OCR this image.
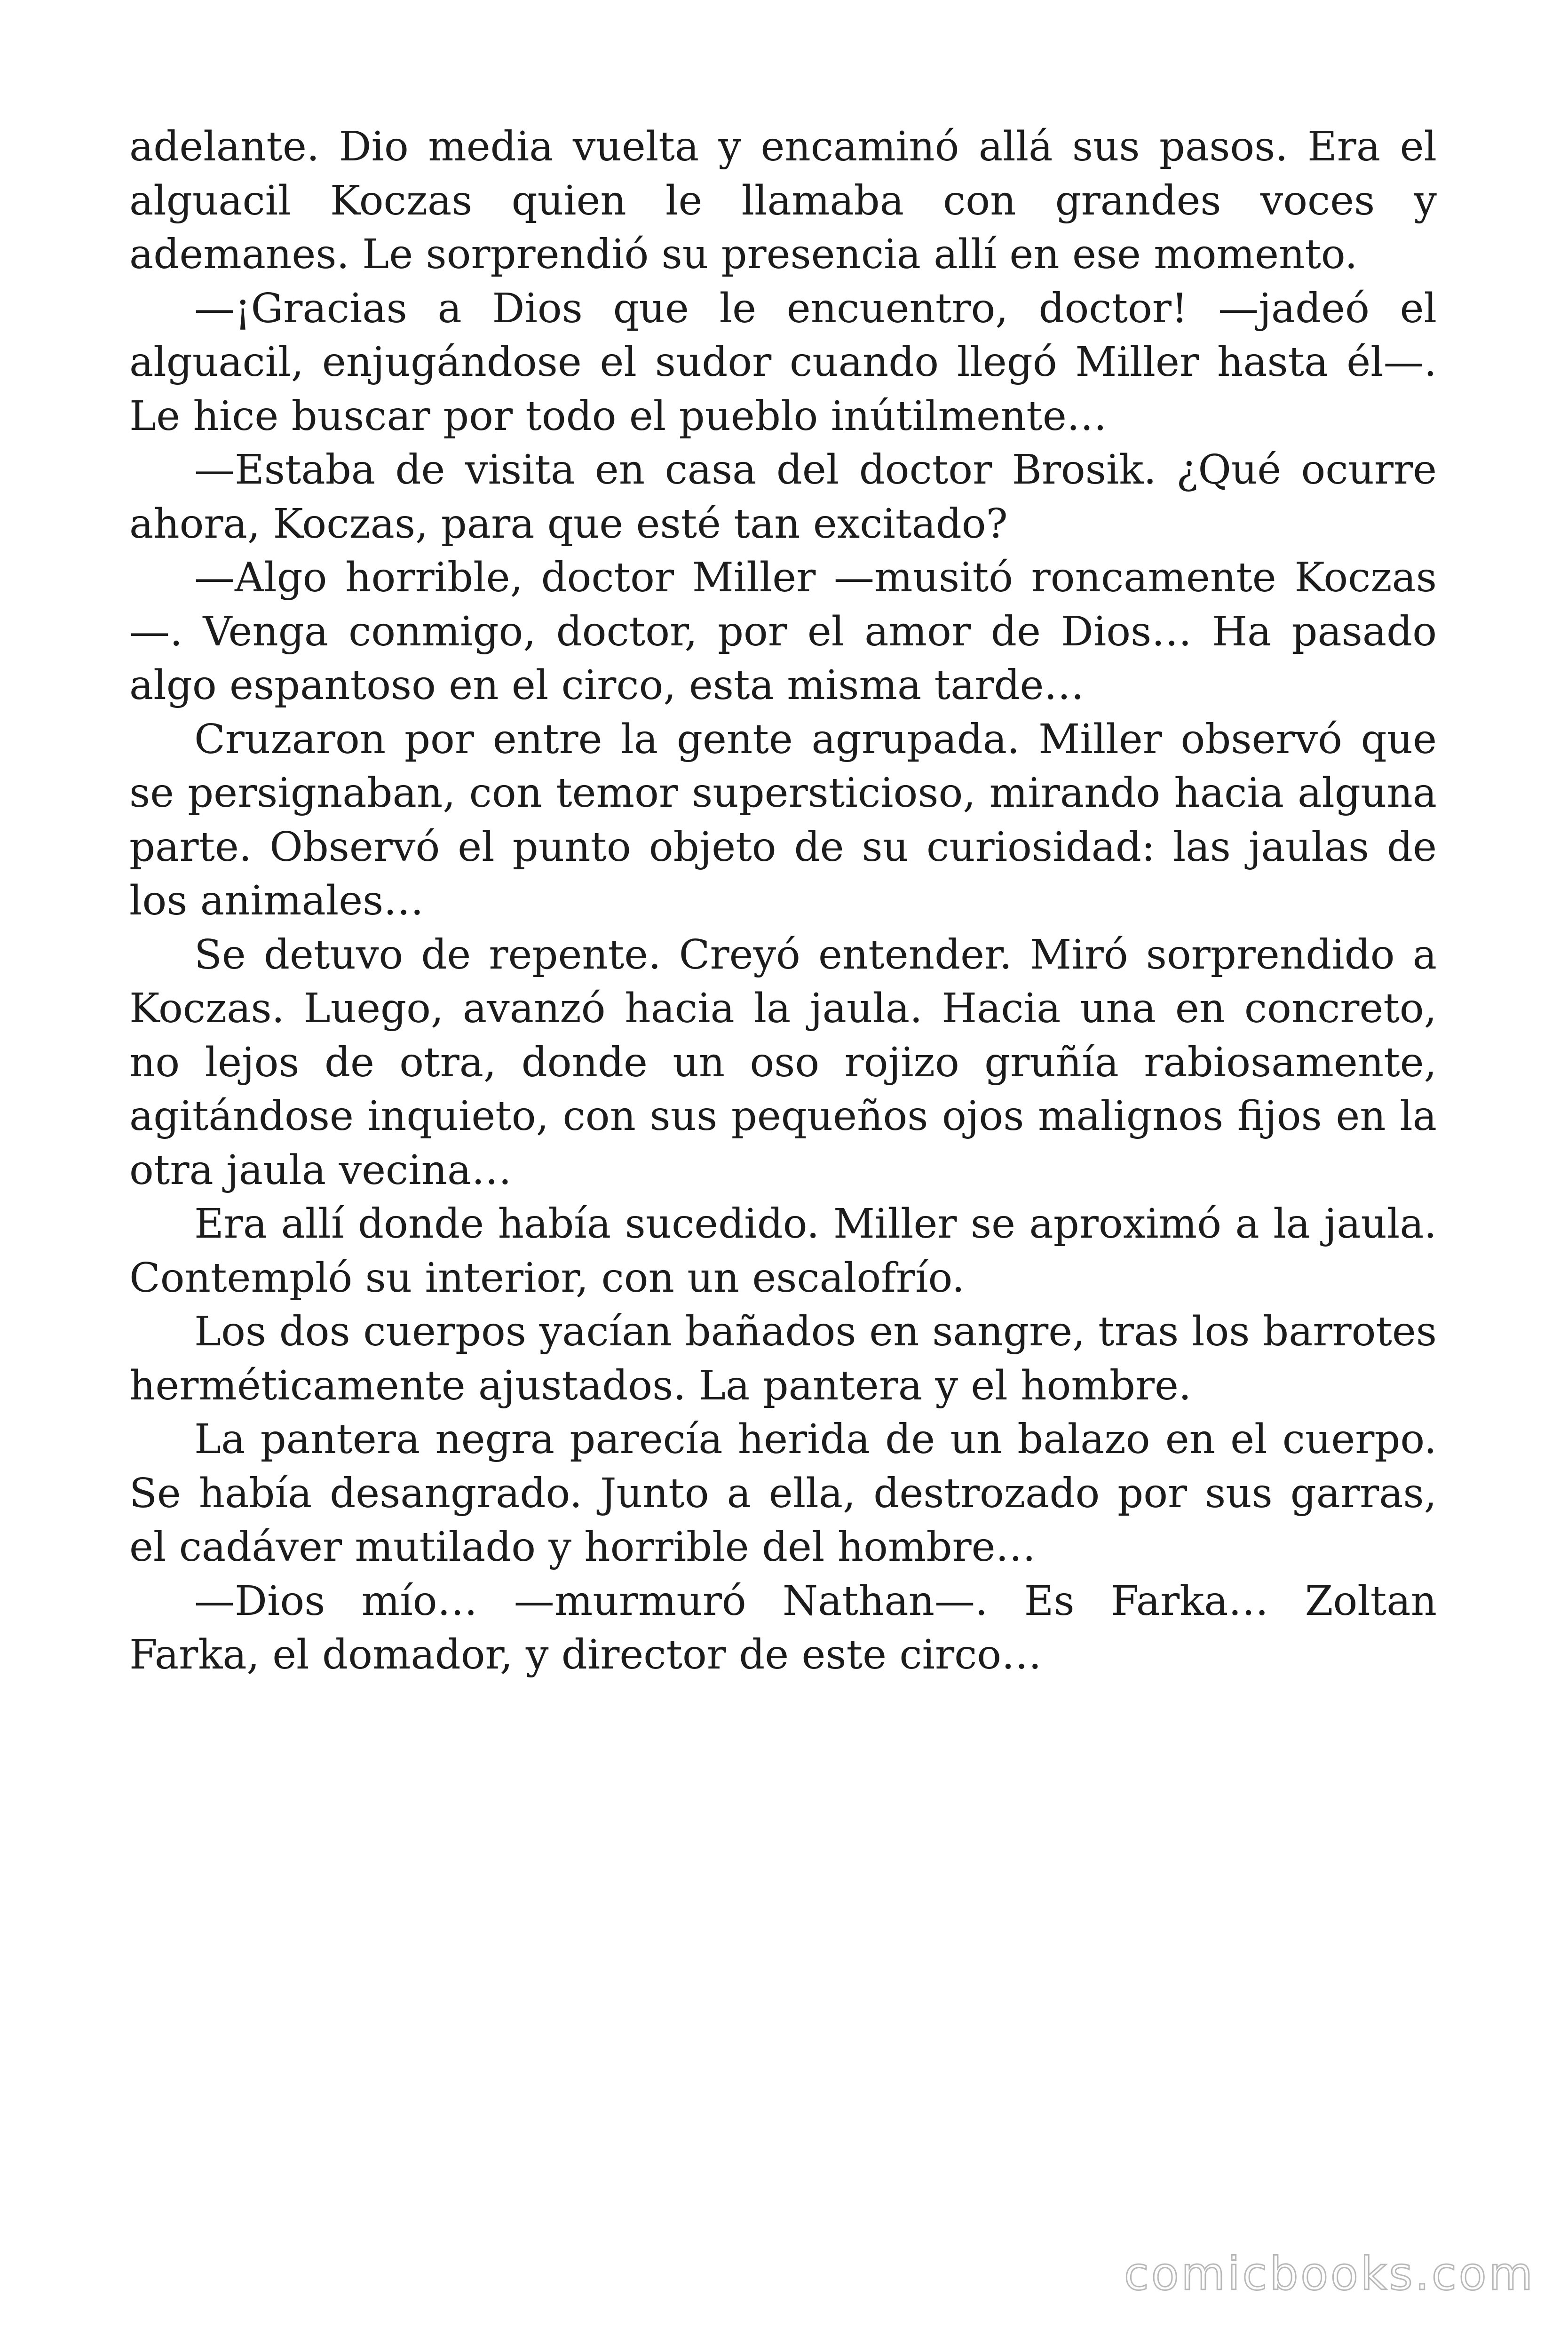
adelante. Dio media vuelta y encaminó allá sus pasos. Era el alguacil Koczas quien le llamaba con grandes voces y ademanes. Le sorprendió su presencia allí en ese momento.

—¡Gracias a Dios que le encuentro, doctor! —jadeó el alguacil, enjugándose el sudor cuando llegó Miller hasta él—. Le hice buscar por todo el pueblo inútilmente…

—Estaba de visita en casa del doctor Brosik. ¿Qué ocurre ahora, Koczas, para que esté tan excitado?

—Algo horrible, doctor Miller —musitó roncamente Koczas—. Venga conmigo, doctor, por el amor de Dios… Ha pasado algo espantoso en el circo, esta misma tarde…

Cruzaron por entre la gente agrupada. Miller observó que se persignaban, con temor supersticioso, mirando hacia alguna parte. Observó el punto objeto de su curiosidad: las jaulas de los animales…

Se detuvo de repente. Creyó entender. Miró sorprendido a Koczas. Luego, avanzó hacia la jaula. Hacia una en concreto, no lejos de otra, donde un oso rojizo gruñía rabiosamente, agitándose inquieto, con sus pequeños ojos malignos fijos en la otra jaula vecina…

Era allí donde había sucedido. Miller se aproximó a la jaula. Contempló su interior, con un escalofrío.

Los dos cuerpos yacían bañados en sangre, tras los barrotes herméticamente ajustados. La pantera y el hombre.

La pantera negra parecía herida de un balazo en el cuerpo. Se había desangrado. Junto a ella, destrozado por sus garras, el cadáver mutilado y horrible del hombre…

—Dios mío… —murmuró Nathan—. Es Farka… Zoltan Farka, el domador, y director de este circo…

comicbooks.com
